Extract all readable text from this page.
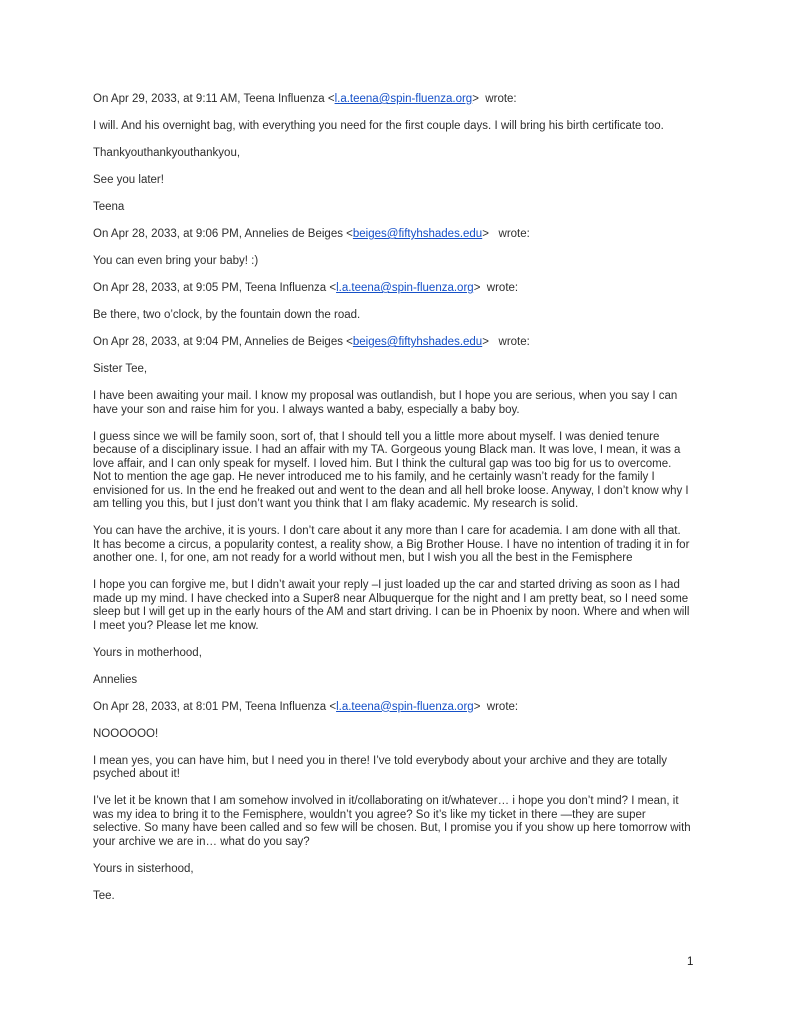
On Apr 29, 2033, at 9:11 AM, Teena Influenza <l.a.teena@spin-fluenza.org>  wrote:
I will. And his overnight bag, with everything you need for the first couple days. I will bring his birth certificate too.
Thankyouthankyouthankyou,
See you later!
Teena
On Apr 28, 2033, at 9:06 PM, Annelies de Beiges <beiges@fiftyhshades.edu>   wrote:
You can even bring your baby! :)
On Apr 28, 2033, at 9:05 PM, Teena Influenza <l.a.teena@spin-fluenza.org>  wrote:
Be there, two o’clock, by the fountain down the road.
On Apr 28, 2033, at 9:04 PM, Annelies de Beiges <beiges@fiftyhshades.edu>   wrote:
Sister Tee,
I have been awaiting your mail. I know my proposal was outlandish, but I hope you are serious, when you say I can
have your son and raise him for you. I always wanted a baby, especially a baby boy.
I guess since we will be family soon, sort of, that I should tell you a little more about myself. I was denied tenure
because of a disciplinary issue. I had an affair with my TA. Gorgeous young Black man. It was love, I mean, it was a
love affair, and I can only speak for myself. I loved him. But I think the cultural gap was too big for us to overcome.
Not to mention the age gap. He never introduced me to his family, and he certainly wasn’t ready for the family I
envisioned for us. In the end he freaked out and went to the dean and all hell broke loose. Anyway, I don’t know why I
am telling you this, but I just don’t want you think that I am flaky academic. My research is solid.
You can have the archive, it is yours. I don’t care about it any more than I care for academia. I am done with all that.
It has become a circus, a popularity contest, a reality show, a Big Brother House. I have no intention of trading it in for
another one. I, for one, am not ready for a world without men, but I wish you all the best in the Femisphere
I hope you can forgive me, but I didn’t await your reply –I just loaded up the car and started driving as soon as I had
made up my mind. I have checked into a Super8 near Albuquerque for the night and I am pretty beat, so I need some
sleep but I will get up in the early hours of the AM and start driving. I can be in Phoenix by noon. Where and when will
I meet you? Please let me know.
Yours in motherhood,
Annelies
On Apr 28, 2033, at 8:01 PM, Teena Influenza <l.a.teena@spin-fluenza.org>  wrote:
NOOOOOO!
I mean yes, you can have him, but I need you in there! I’ve told everybody about your archive and they are totally
psyched about it!
I’ve let it be known that I am somehow involved in it/collaborating on it/whatever… i hope you don’t mind? I mean, it
was my idea to bring it to the Femisphere, wouldn’t you agree? So it’s like my ticket in there —they are super
selective. So many have been called and so few will be chosen. But, I promise you if you show up here tomorrow with
your archive we are in… what do you say?
Yours in sisterhood,
Tee.
1
